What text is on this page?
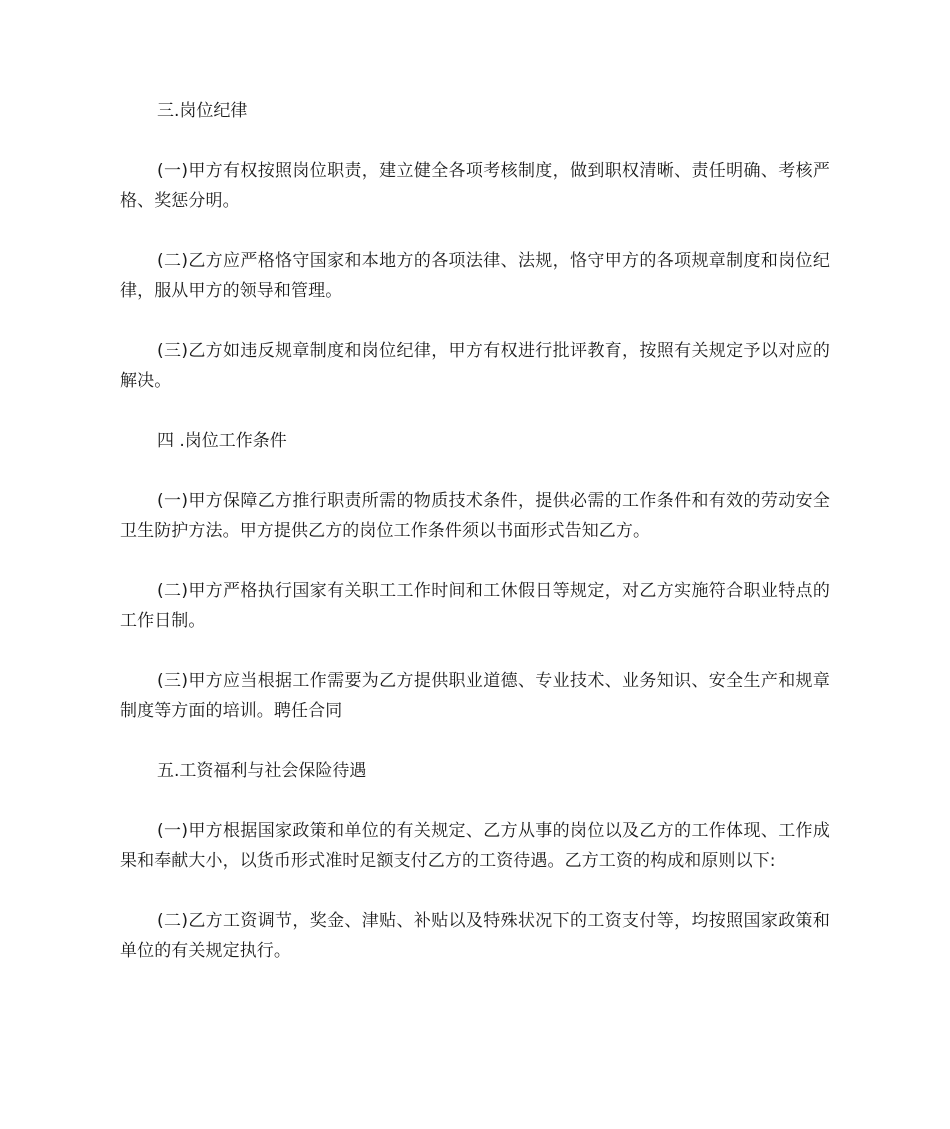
三.岗位纪律

(一)甲方有权按照岗位职责，建立健全各项考核制度，做到职权清晰、责任明确、考核严格、奖惩分明。

(二)乙方应严格恪守国家和本地方的各项法律、法规，恪守甲方的各项规章制度和岗位纪律，服从甲方的领导和管理。

(三)乙方如违反规章制度和岗位纪律，甲方有权进行批评教育，按照有关规定予以对应的解决。

四 .岗位工作条件

(一)甲方保障乙方推行职责所需的物质技术条件，提供必需的工作条件和有效的劳动安全卫生防护方法。甲方提供乙方的岗位工作条件须以书面形式告知乙方。

(二)甲方严格执行国家有关职工工作时间和工休假日等规定，对乙方实施符合职业特点的工作日制。

(三)甲方应当根据工作需要为乙方提供职业道德、专业技术、业务知识、安全生产和规章制度等方面的培训。聘任合同

五.工资福利与社会保险待遇

(一)甲方根据国家政策和单位的有关规定、乙方从事的岗位以及乙方的工作体现、工作成果和奉献大小，以货币形式准时足额支付乙方的工资待遇。乙方工资的构成和原则以下:

(二)乙方工资调节，奖金、津贴、补贴以及特殊状况下的工资支付等，均按照国家政策和单位的有关规定执行。
